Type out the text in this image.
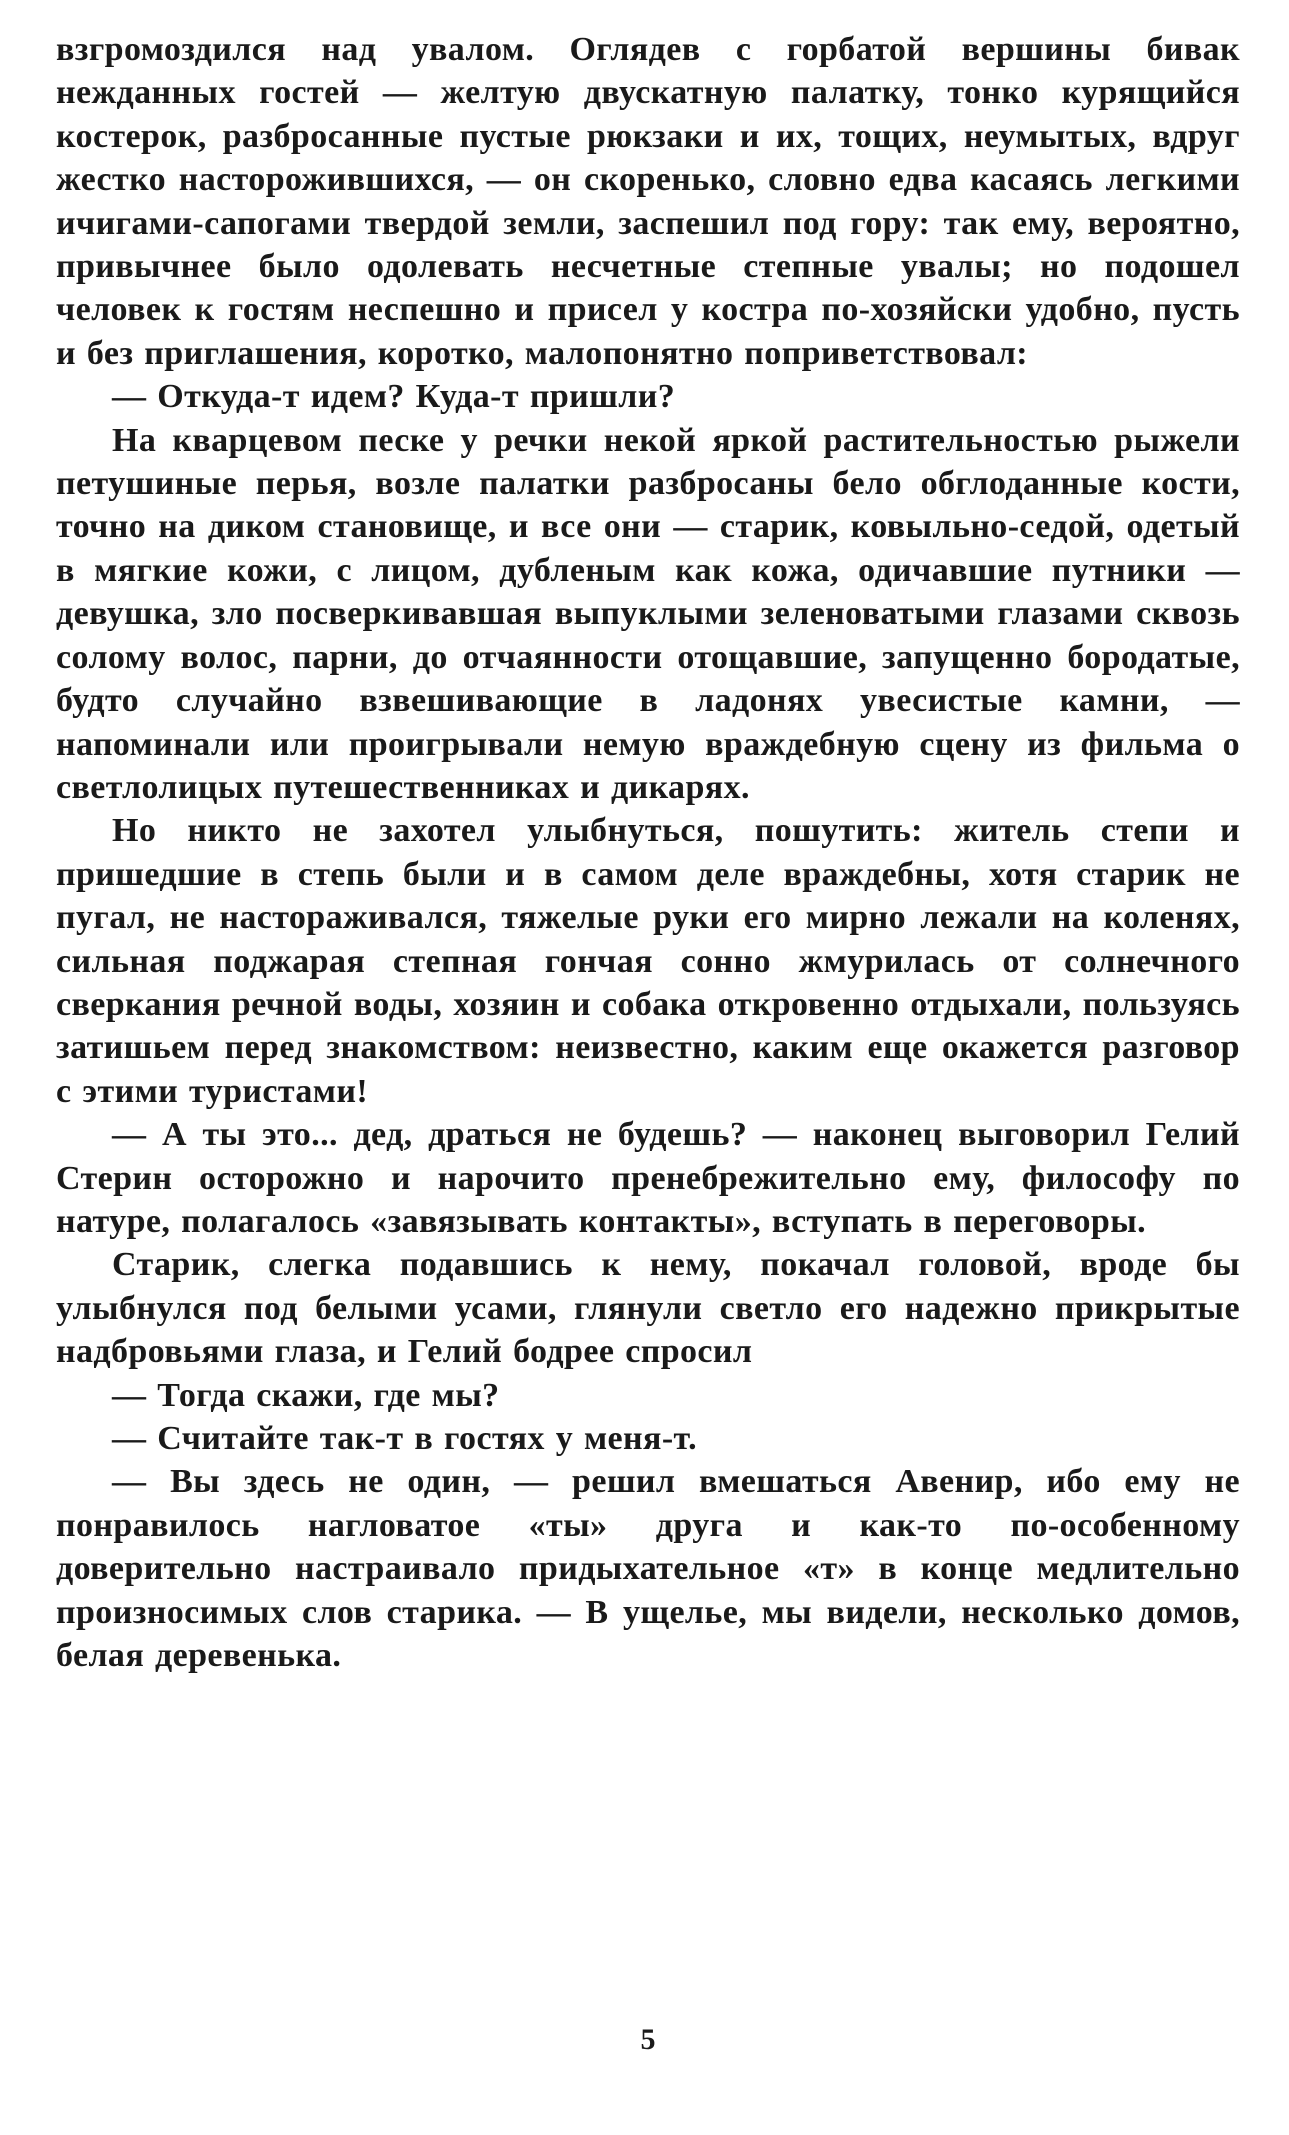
взгромоздился над увалом. Оглядев с горбатой вершины бивак нежданных гостей — желтую двускатную палатку, тонко курящийся костерок, разбросанные пустые рюкзаки и их, тощих, неумытых, вдруг жестко насторожившихся, — он скоренько, словно едва касаясь легкими ичигами-сапогами твердой земли, заспешил под гору: так ему, вероятно, привычнее было одолевать несчетные степные увалы; но подошел человек к гостям неспешно и присел у костра по-хозяйски удобно, пусть и без приглашения, коротко, малопонятно поприветствовал:

— Откуда-т идем? Куда-т пришли?

На кварцевом песке у речки некой яркой растительностью рыжели петушиные перья, возле палатки разбросаны бело обглоданные кости, точно на диком становище, и все они — старик, ковыльно-седой, одетый в мягкие кожи, с лицом, дубленым как кожа, одичавшие путники — девушка, зло посверкивавшая выпуклыми зеленоватыми глазами сквозь солому волос, парни, до отчаянности отощавшие, запущенно бородатые, будто случайно взвешивающие в ладонях увесистые камни, — напоминали или проигрывали немую враждебную сцену из фильма о светлолицых путешественниках и дикарях.

Но никто не захотел улыбнуться, пошутить: житель степи и пришедшие в степь были и в самом деле враждебны, хотя старик не пугал, не настораживался, тяжелые руки его мирно лежали на коленях, сильная поджарая степная гончая сонно жмурилась от солнечного сверкания речной воды, хозяин и собака откровенно отдыхали, пользуясь затишьем перед знакомством: неизвестно, каким еще окажется разговор с этими туристами!

— А ты это... дед, драться не будешь? — наконец выговорил Гелий Стерин осторожно и нарочито пренебрежительно ему, философу по натуре, полагалось «завязывать контакты», вступать в переговоры.

Старик, слегка подавшись к нему, покачал головой, вроде бы улыбнулся под белыми усами, глянули светло его надежно прикрытые надбровьями глаза, и Гелий бодрее спросил

— Тогда скажи, где мы?

— Считайте так-т в гостях у меня-т.

— Вы здесь не один, — решил вмешаться Авенир, ибо ему не понравилось нагловатое «ты» друга и как-то по-особенному доверительно настраивало придыхательное «т» в конце медлительно произносимых слов старика. — В ущелье, мы видели, несколько домов, белая деревенька.

5
